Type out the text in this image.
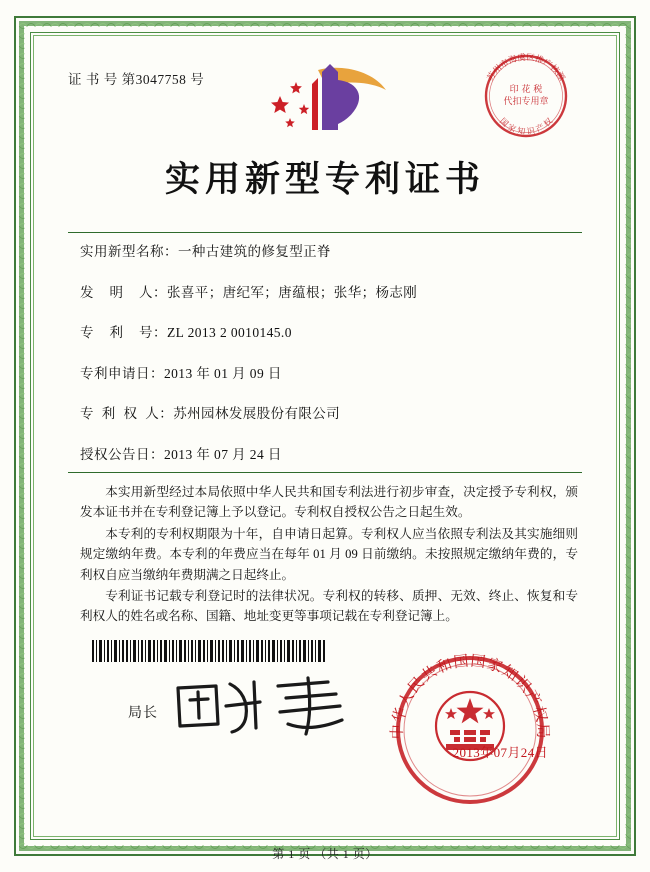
证 书 号 第3047758 号	苏州市海虞区推广核源
国 家 知 识 产 权
印 花 税
代扣专用章
实用新型专利证书
实用新型名称： 一种古建筑的修复型正脊
发    明    人： 张喜平；唐纪军；唐蕴根；张华；杨志刚
专    利    号： ZL 2013 2 0010145.0
专利申请日： 2013 年 01 月 09 日
专  利  权  人： 苏州园林发展股份有限公司
授权公告日： 2013 年 07 月 24 日

本实用新型经过本局依照中华人民共和国专利法进行初步审查，决定授予专利权，颁发本证书并在专利登记簿上予以登记。专利权自授权公告之日起生效。

本专利的专利权期限为十年，自申请日起算。专利权人应当依照专利法及其实施细则规定缴纳年费。本专利的年费应当在每年 01 月 09 日前缴纳。未按照规定缴纳年费的，专利权自应当缴纳年费期满之日起终止。

专利证书记载专利登记时的法律状况。专利权的转移、质押、无效、终止、恢复和专利权人的姓名或名称、国籍、地址变更等事项记载在专利登记簿上。

局长
中华人民共和国国家知识产权局
2013年07月24日
第 1 页 （共 1 页）
